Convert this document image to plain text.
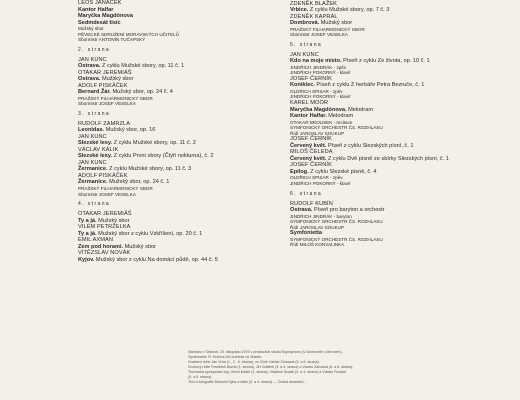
LEOŠ JANÁČEK
Kantor Halfar
Maryčka Magdónova
Sedmdesát tisíc
Mužský sbor
PĚVECKÉ SDRUŽENÍ MORAVSKÝCH UČITELŮ
Sbormistr ANTONÍN TUČAPSKÝ
2. strana
JAN KUNC
Ostrava. Z cyklu Mužské sbory, op. 11 č. 1
OTAKAR JEREMIÁŠ
Ostrava. Mužský sbor
ADOLF PISKÁČEK
Bernard Žár. Mužský sbor, op. 24 č. 4
PRAŽSKÝ FILHARMONICKÝ SBOR
Sbormistr JOSEF VESELKA
3. strana
RUDOLF ZAMRZLA
Leonidas. Mužský sbor, op. 16
JAN KUNC
Slezské lesy. Z cyklu Mužské sbory, op. 11 č. 2
VÁCLAV KÁLIK
Slezské lesy. Z cyklu První sbory (Čtyři nokturna), č. 2
JAN KUNC
Žermanice. Z cyklu Mužské sbory, op. 11 č. 3
ADOLF PISKÁČEK
Žermanice. Mužský sbor, op. 24 č. 1
PRAŽSKÝ FILHARMONICKÝ SBOR
Sbormistr JOSEF VESELKA
4. strana
OTAKAR JEREMIÁŠ
Ty a já. Mužský sbor
VILÉM PETRŽELKA
Ty a já. Mužský sbor z cyklu Vzkříšení, op. 20 č. 1
EMIL AXMAN
Zem pod horami. Mužský sbor
VÍTĚZSLAV NOVÁK
Kyjov. Mužský sbor z cyklu Na domácí půdě, op. 44 č. 5
ZDENĚK BLAŽEK
Vrbice. Z cyklu Mužské sbory, op. 7 č. 3
ZDENĚK KAPRÁL
Dombrová. Mužský sbor
PRAŽSKÝ FILHARMONICKÝ SBOR
Sbormistr JOSEF VESELKA
5. strana
JAN KUNC
Kdo na moje místo. Píseň z cyklu Ze života, op. 10 č. 1
JINDŘICH JINDRÁK - zpěv
JINDŘICH POKORNÝ - klavír
JOSEF ČERNÍK
Koniklec. Píseň z cyklu Z herbáře Petra Bezruče, č. 1
OLDŘICH SPISAR - zpěv
JINDŘICH POKORNÝ - klavír
KAREL MOOR
Maryčka Magdónova. Melodram
Kantor Halfar. Melodram
OTAKAR BROUSEK - recitace
SYMFONICKÝ ORCHESTR ČS. ROZHLASU
Řídí JAROSLAV SOUKUP
JOSEF ČERNÍK
Červený květ. Píseň z cyklu Slezských písní, č. 1
MILOŠ ČELEDA
Červený květ. Z cyklu Dvě písně ze sbírky Slezských písní, č. 1
JOSEF ČERNÍK
Epilog. Z cyklu Slezské písně, č. 4
OLDŘICH SPISAR - zpěv
JINDŘICH POKORNÝ - klavír
6. strana
RUDOLF KUBÍN
Ostrava. Píseň pro baryton a orchestr
JINDŘICH JINDRÁK - baryton
SYMFONICKÝ ORCHESTR ČS. ROZHLASU
Řídí JAROSLAV SOUKUP
Symfonietta
SYMFONICKÝ ORCHESTR ČS. ROZHLASU
Řídí MILOŠ KONVALINKA
Nahráno v Ostravě, 20. listopadu 1975 v prostorách studia Supraphonu (v Domovině v Mírovém).
Syrafonetta: R. Kubína řídí orchestr ve Zlatém.
Hudební režie Jan Vrba (1., 2., 5. strana), ve Zlíně Václav Zamazal (5. a 6. strana).
Zvukový režie František Burda (1. strana), Jiří Gottlieb (3. a 4. strana) a Václav Zamazal (5. a 6. strana).
Technická spolupráce Ing. Ulrich Kadeř (1. strana), Vladimír Novák (3. a 4. strana) a Václav Roubal
(5. a 6. strana).
Text a fotografie Bohumil Zýka a další (2. a 4. strana) — Česká divadelní...
